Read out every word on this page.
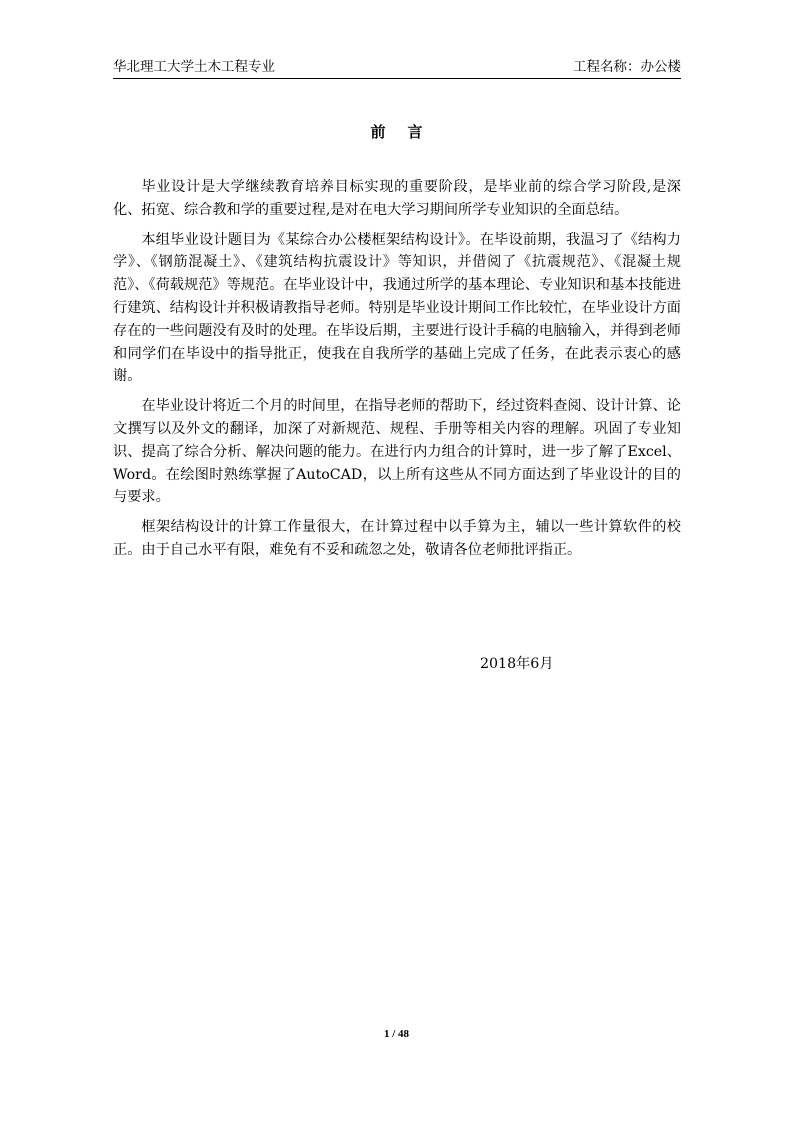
华北理工大学土木工程专业	工程名称：办公楼
前言

毕业设计是大学继续教育培养目标实现的重要阶段，是毕业前的综合学习阶段,是深化、拓宽、综合教和学的重要过程,是对在电大学习期间所学专业知识的全面总结。

本组毕业设计题目为《某综合办公楼框架结构设计》。在毕设前期，我温习了《结构力学》、《钢筋混凝土》、《建筑结构抗震设计》等知识，并借阅了《抗震规范》、《混凝土规范》、《荷载规范》等规范。在毕业设计中，我通过所学的基本理论、专业知识和基本技能进行建筑、结构设计并积极请教指导老师。特别是毕业设计期间工作比较忙，在毕业设计方面存在的一些问题没有及时的处理。在毕设后期，主要进行设计手稿的电脑输入，并得到老师和同学们在毕设中的指导批正，使我在自我所学的基础上完成了任务，在此表示衷心的感谢。

在毕业设计将近二个月的时间里，在指导老师的帮助下，经过资料查阅、设计计算、论文撰写以及外文的翻译，加深了对新规范、规程、手册等相关内容的理解。巩固了专业知识、提高了综合分析、解决问题的能力。在进行内力组合的计算时，进一步了解了Excel、Word。在绘图时熟练掌握了AutoCAD，以上所有这些从不同方面达到了毕业设计的目的与要求。

框架结构设计的计算工作量很大，在计算过程中以手算为主，辅以一些计算软件的校正。由于自己水平有限，难免有不妥和疏忽之处，敬请各位老师批评指正。

2018年6月
1 / 48
